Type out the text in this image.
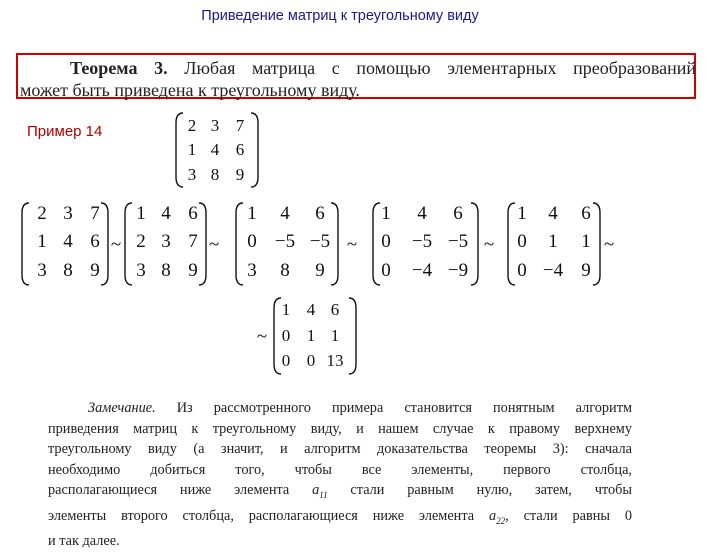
Приведение матриц к треугольному виду
Теорема 3. Любая матрица с помощью элементарных преобразований
может быть приведена к треугольному виду.
Пример 14	2 3 7
1 4 6
3 8 9
2 3 7
1 4 6
3 8 9
~
1 4 6
2 3 7
3 8 9
~
1 4 6
0 −5 −5
3 8 9
~
1 4 6
0 −5 −5
0 −4 −9
~
1 4 6
0 1 1
0 −4 9
~
~
1 4 6
0 1 1
0 0 13
Замечание. Из рассмотренного примера становится понятным алгоритм
приведения матриц к треугольному виду, и нашем случае к правому верхнему
треугольному виду (а значит, и алгоритм доказательства теоремы 3): сначала
необходимо добиться того, чтобы все элементы, первого столбца,
располагающиеся ниже элемента $a_{11}$ стали равным нулю, затем, чтобы
элементы второго столбца, располагающиеся ниже элемента $a_{22}$, стали равны 0
и так далее.
